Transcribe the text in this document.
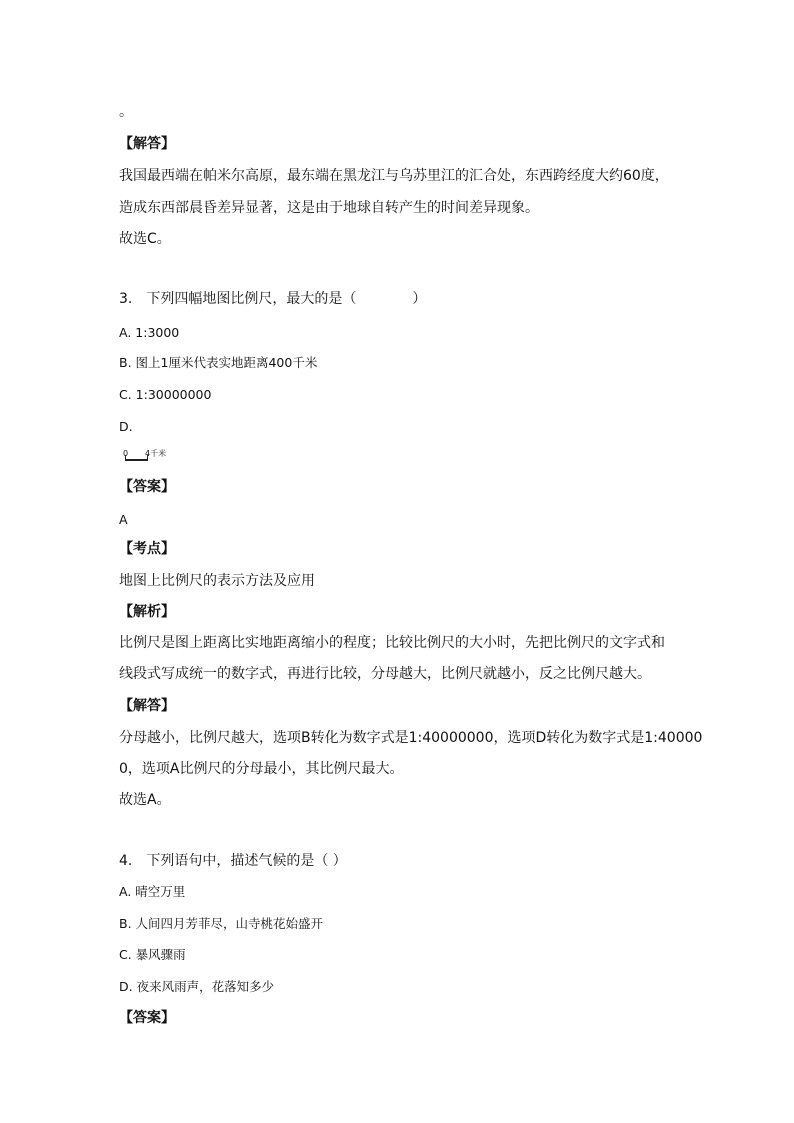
。
【解答】
我国最西端在帕米尔高原，最东端在黑龙江与乌苏里江的汇合处，东西跨经度大约60度，
造成东西部晨昏差异显著，这是由于地球自转产生的时间差异现象。
故选C。
3.　下列四幅地图比例尺，最大的是（　　　　）
A. 1:3000
B. 图上1厘米代表实地距离400千米
C. 1:30000000
D.
0 4千米
【答案】
A
【考点】
地图上比例尺的表示方法及应用
【解析】
比例尺是图上距离比实地距离缩小的程度；比较比例尺的大小时，先把比例尺的文字式和
线段式写成统一的数字式，再进行比较，分母越大，比例尺就越小，反之比例尺越大。
【解答】
分母越小，比例尺越大，选项B转化为数字式是1:40000000，选项D转化为数字式是1:40000
0，选项A比例尺的分母最小，其比例尺最大。
故选A。
4.　下列语句中，描述气候的是（ ）
A. 晴空万里
B. 人间四月芳菲尽，山寺桃花始盛开
C. 暴风骤雨
D. 夜来风雨声，花落知多少
【答案】
